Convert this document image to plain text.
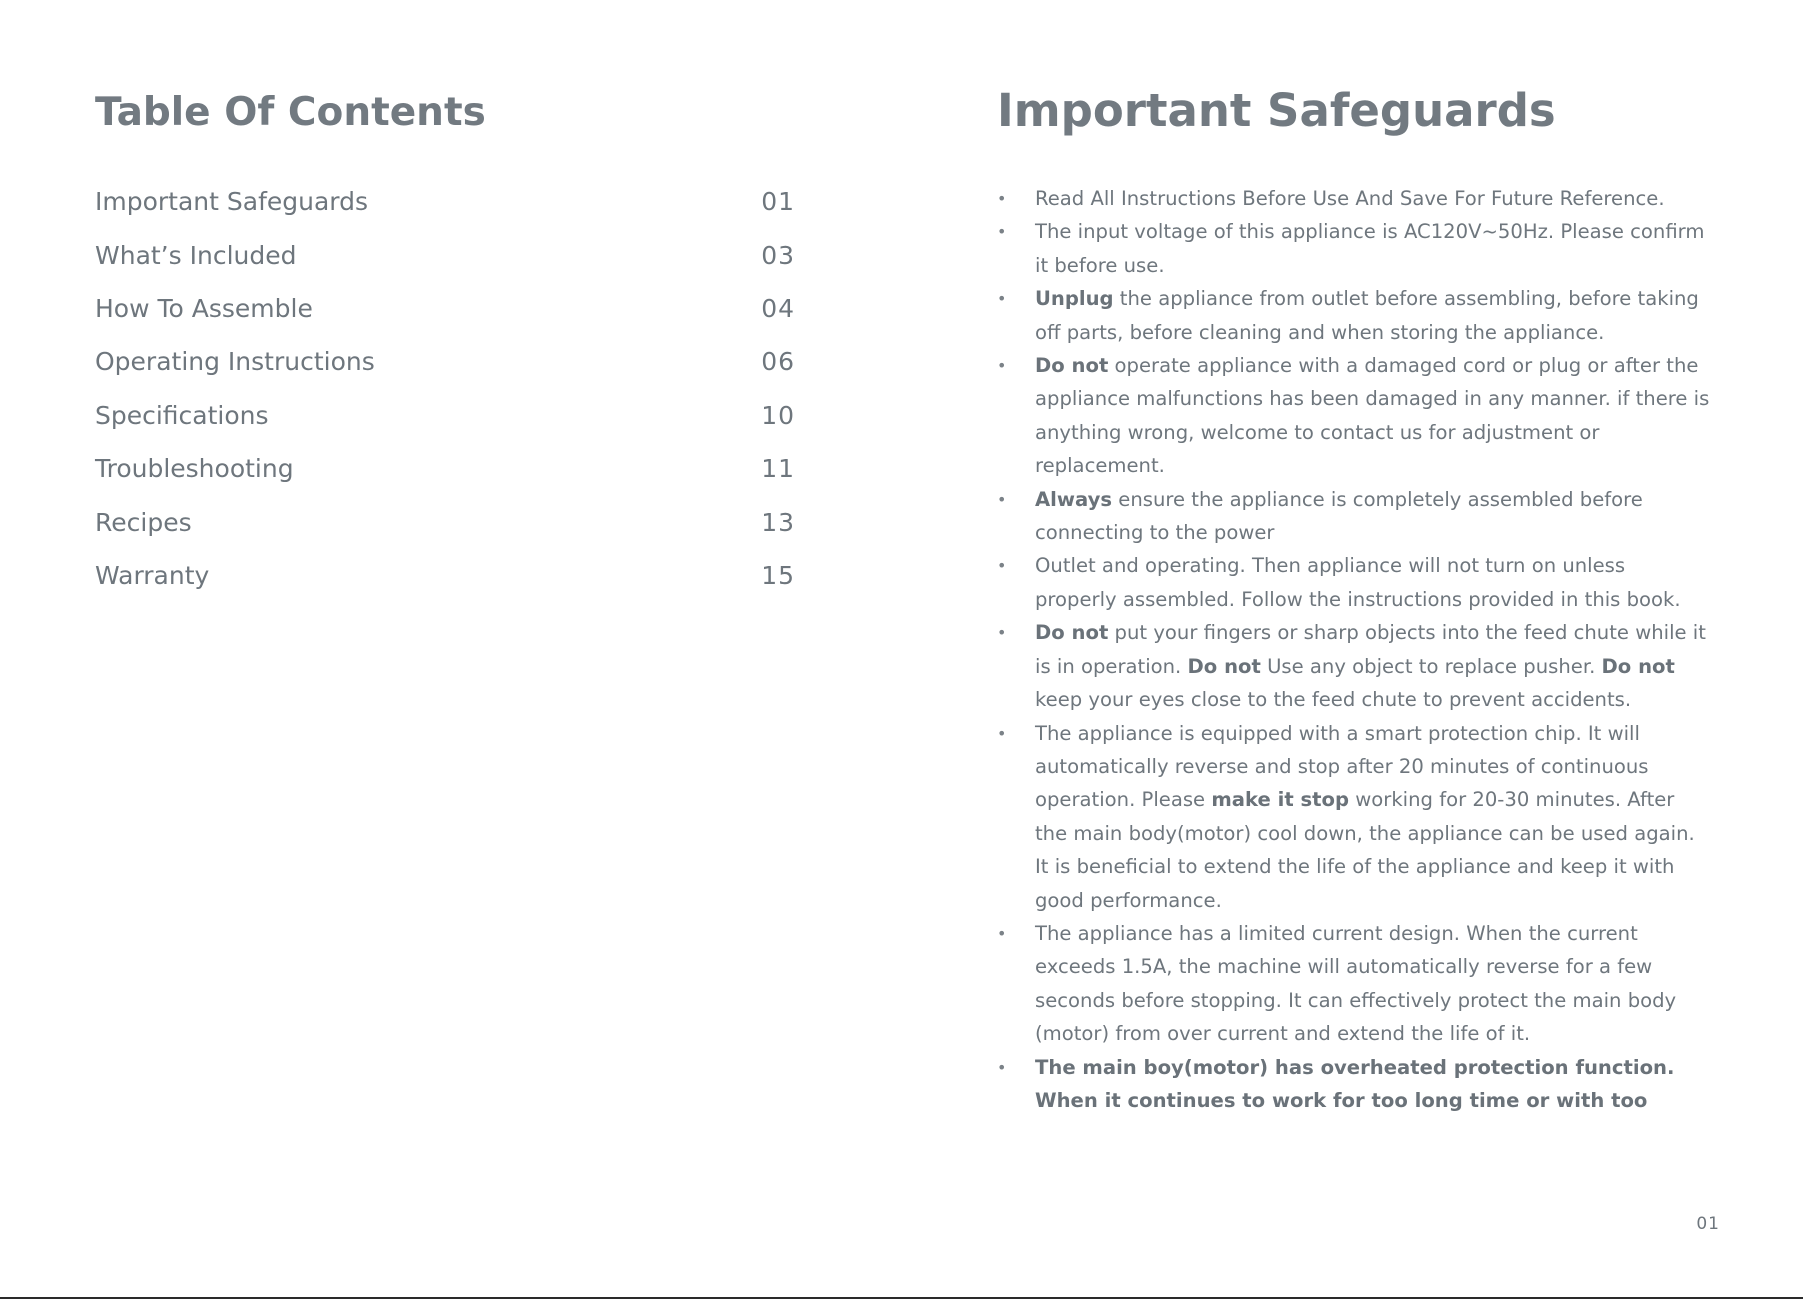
Table Of Contents
Important Safeguards	01
What’s Included	03
How To Assemble	04
Operating Instructions	06
Specifications	10
Troubleshooting	11
Recipes	13
Warranty	15
Important Safeguards
• Read All Instructions Before Use And Save For Future Reference.
• The input voltage of this appliance is AC120V~50Hz. Please confirm it before use.
• Unplug the appliance from outlet before assembling, before taking off parts, before cleaning and when storing the appliance.
• Do not operate appliance with a damaged cord or plug or after the appliance malfunctions has been damaged in any manner. if there is anything wrong, welcome to contact us for adjustment or replacement.
• Always ensure the appliance is completely assembled before connecting to the power
• Outlet and operating. Then appliance will not turn on unless properly assembled. Follow the instructions provided in this book.
• Do not put your fingers or sharp objects into the feed chute while it is in operation. Do not Use any object to replace pusher. Do not keep your eyes close to the feed chute to prevent accidents.
• The appliance is equipped with a smart protection chip. It will automatically reverse and stop after 20 minutes of continuous operation. Please make it stop working for 20-30 minutes. After the main body(motor) cool down, the appliance can be used again. It is beneficial to extend the life of the appliance and keep it with good performance.
• The appliance has a limited current design. When the current exceeds 1.5A, the machine will automatically reverse for a few seconds before stopping. It can effectively protect the main body (motor) from over current and extend the life of it.
• The main boy(motor) has overheated protection function. When it continues to work for too long time or with too
01
